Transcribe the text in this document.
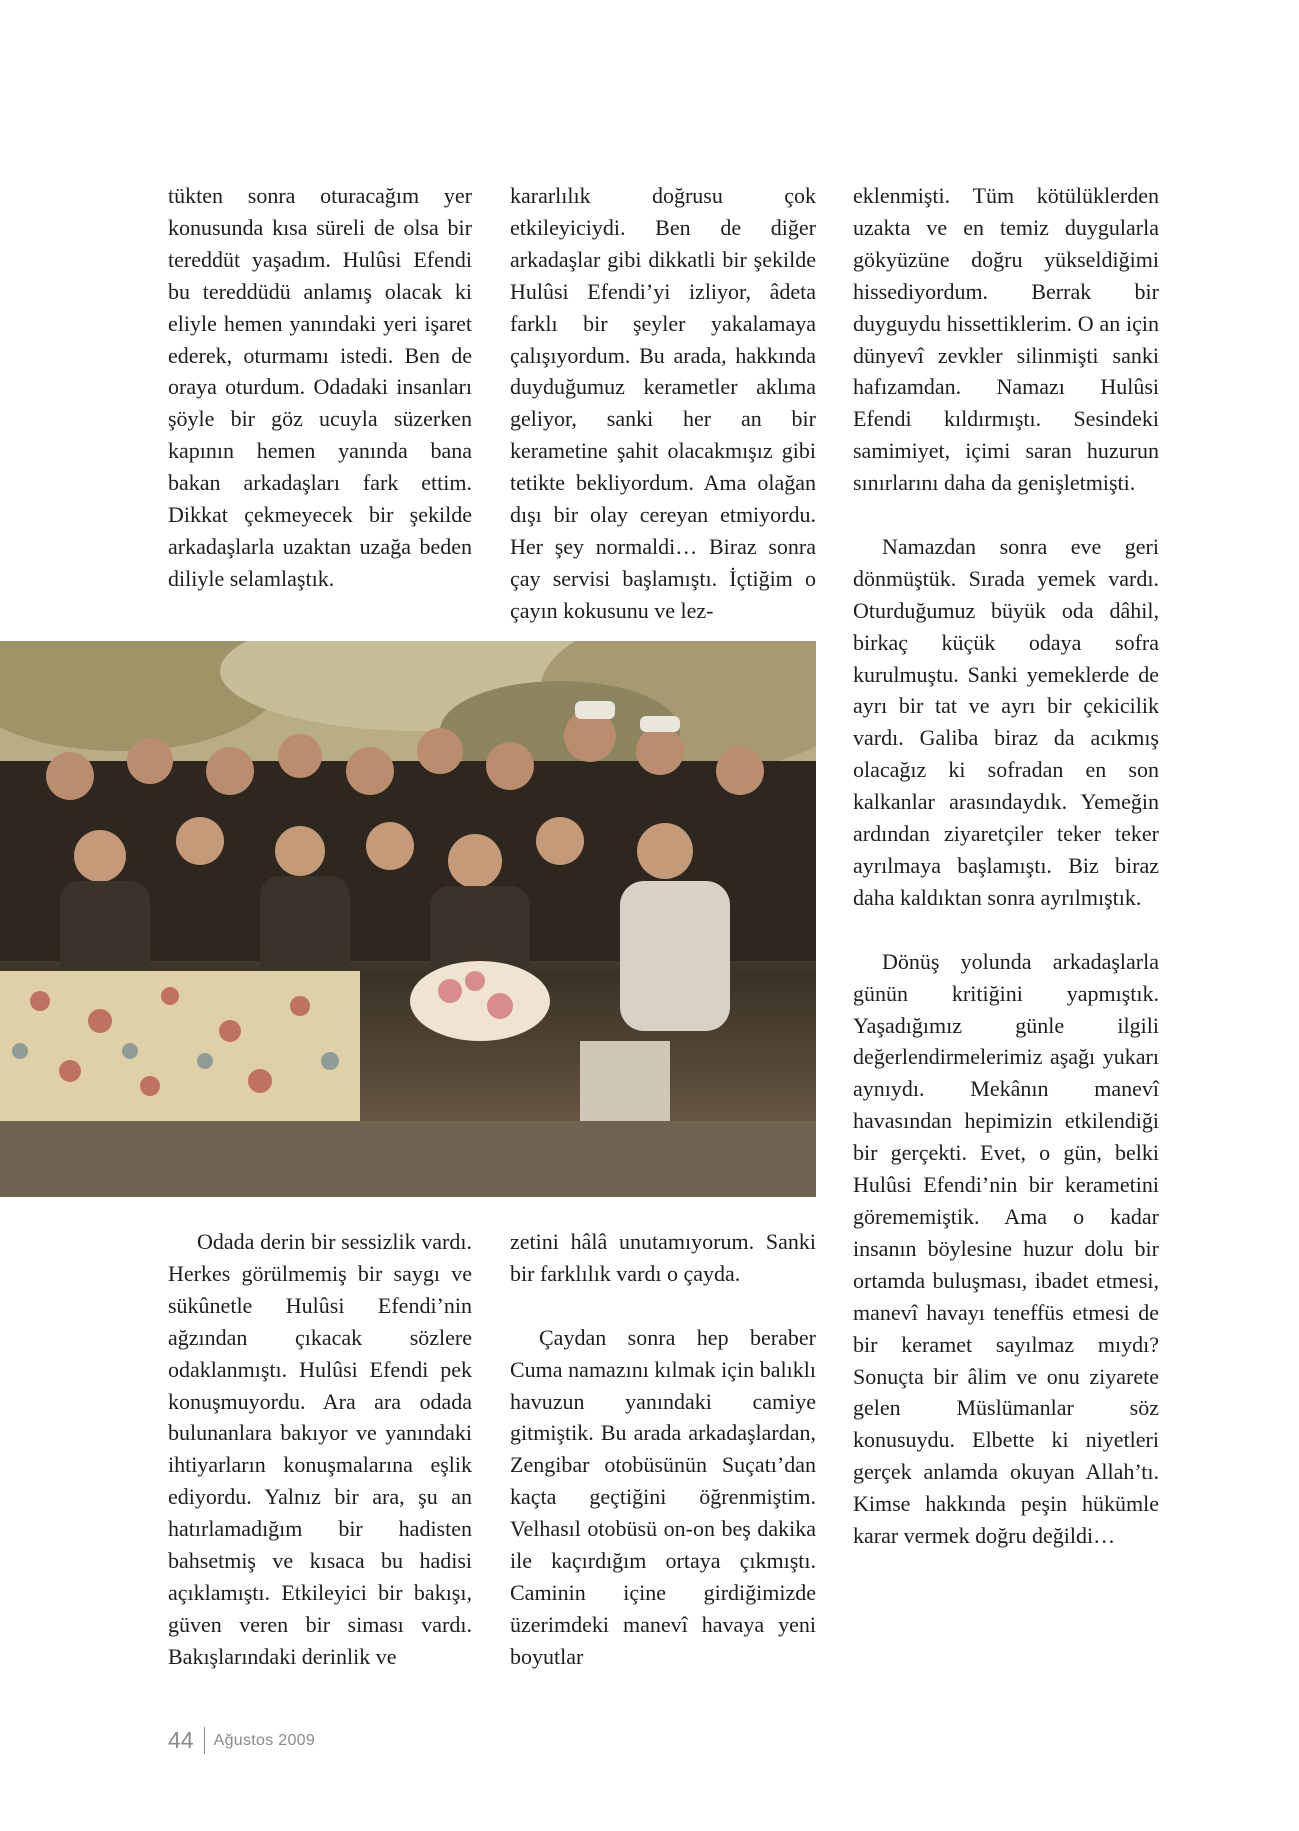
tükten sonra oturacağım yer konusunda kısa süreli de olsa bir tereddüt yaşadım. Hulûsi Efendi bu tereddüdü anlamış olacak ki eliyle hemen yanındaki yeri işaret ederek, oturmamı istedi. Ben de oraya oturdum. Odadaki insanları şöyle bir göz ucuyla süzerken kapının hemen yanında bana bakan arkadaşları fark ettim. Dikkat çekmeyecek bir şekilde arkadaşlarla uzaktan uzağa beden diliyle selamlaştık.

kararlılık doğrusu çok etkileyiciydi. Ben de diğer arkadaşlar gibi dikkatli bir şekilde Hulûsi Efendi’yi izliyor, âdeta farklı bir şeyler yakalamaya çalışıyordum. Bu arada, hakkında duyduğumuz kerametler aklıma geliyor, sanki her an bir kerametine şahit olacakmışız gibi tetikte bekliyordum. Ama olağan dışı bir olay cereyan etmiyordu. Her şey normaldi… Biraz sonra çay servisi başlamıştı. İçtiğim o çayın kokusunu ve lez-

eklenmişti. Tüm kötülüklerden uzakta ve en temiz duygularla gökyüzüne doğru yükseldiğimi hissediyordum. Berrak bir duyguydu hissettiklerim. O an için dünyevî zevkler silinmişti sanki hafızamdan. Namazı Hulûsi Efendi kıldırmıştı. Sesindeki samimiyet, içimi saran huzurun sınırlarını daha da genişletmişti.

Namazdan sonra eve geri dönmüştük. Sırada yemek vardı. Oturduğumuz büyük oda dâhil, birkaç küçük odaya sofra kurulmuştu. Sanki yemeklerde de ayrı bir tat ve ayrı bir çekicilik vardı. Galiba biraz da acıkmış olacağız ki sofradan en son kalkanlar arasındaydık. Yemeğin ardından ziyaretçiler teker teker ayrılmaya başlamıştı. Biz biraz daha kaldıktan sonra ayrılmıştık.

Dönüş yolunda arkadaşlarla günün kritiğini yapmıştık. Yaşadığımız günle ilgili değerlendirmelerimiz aşağı yukarı aynıydı. Mekânın manevî havasından hepimizin etkilendiği bir gerçekti. Evet, o gün, belki Hulûsi Efendi’nin bir kerametini görememiştik. Ama o kadar insanın böylesine huzur dolu bir ortamda buluşması, ibadet etmesi, manevî havayı teneffüs etmesi de bir keramet sayılmaz mıydı? Sonuçta bir âlim ve onu ziyarete gelen Müslümanlar söz konusuydu. Elbette ki niyetleri gerçek anlamda okuyan Allah’tı. Kimse hakkında peşin hükümle karar vermek doğru değildi…

Odada derin bir sessizlik vardı. Herkes görülmemiş bir saygı ve sükûnetle Hulûsi Efendi’nin ağzından çıkacak sözlere odaklanmıştı. Hulûsi Efendi pek konuşmuyordu. Ara ara odada bulunanlara bakıyor ve yanındaki ihtiyarların konuşmalarına eşlik ediyordu. Yalnız bir ara, şu an hatırlamadığım bir hadisten bahsetmiş ve kısaca bu hadisi açıklamıştı. Etkileyici bir bakışı, güven veren bir siması vardı. Bakışlarındaki derinlik ve

zetini hâlâ unutamıyorum. Sanki bir farklılık vardı o çayda.

Çaydan sonra hep beraber Cuma namazını kılmak için balıklı havuzun yanındaki camiye gitmiştik. Bu arada arkadaşlardan, Zengibar otobüsünün Suçatı’dan kaçta geçtiğini öğrenmiştim. Velhasıl otobüsü on-on beş dakika ile kaçırdığım ortaya çıkmıştı. Caminin içine girdiğimizde üzerimdeki manevî havaya yeni boyutlar

44 Ağustos 2009
